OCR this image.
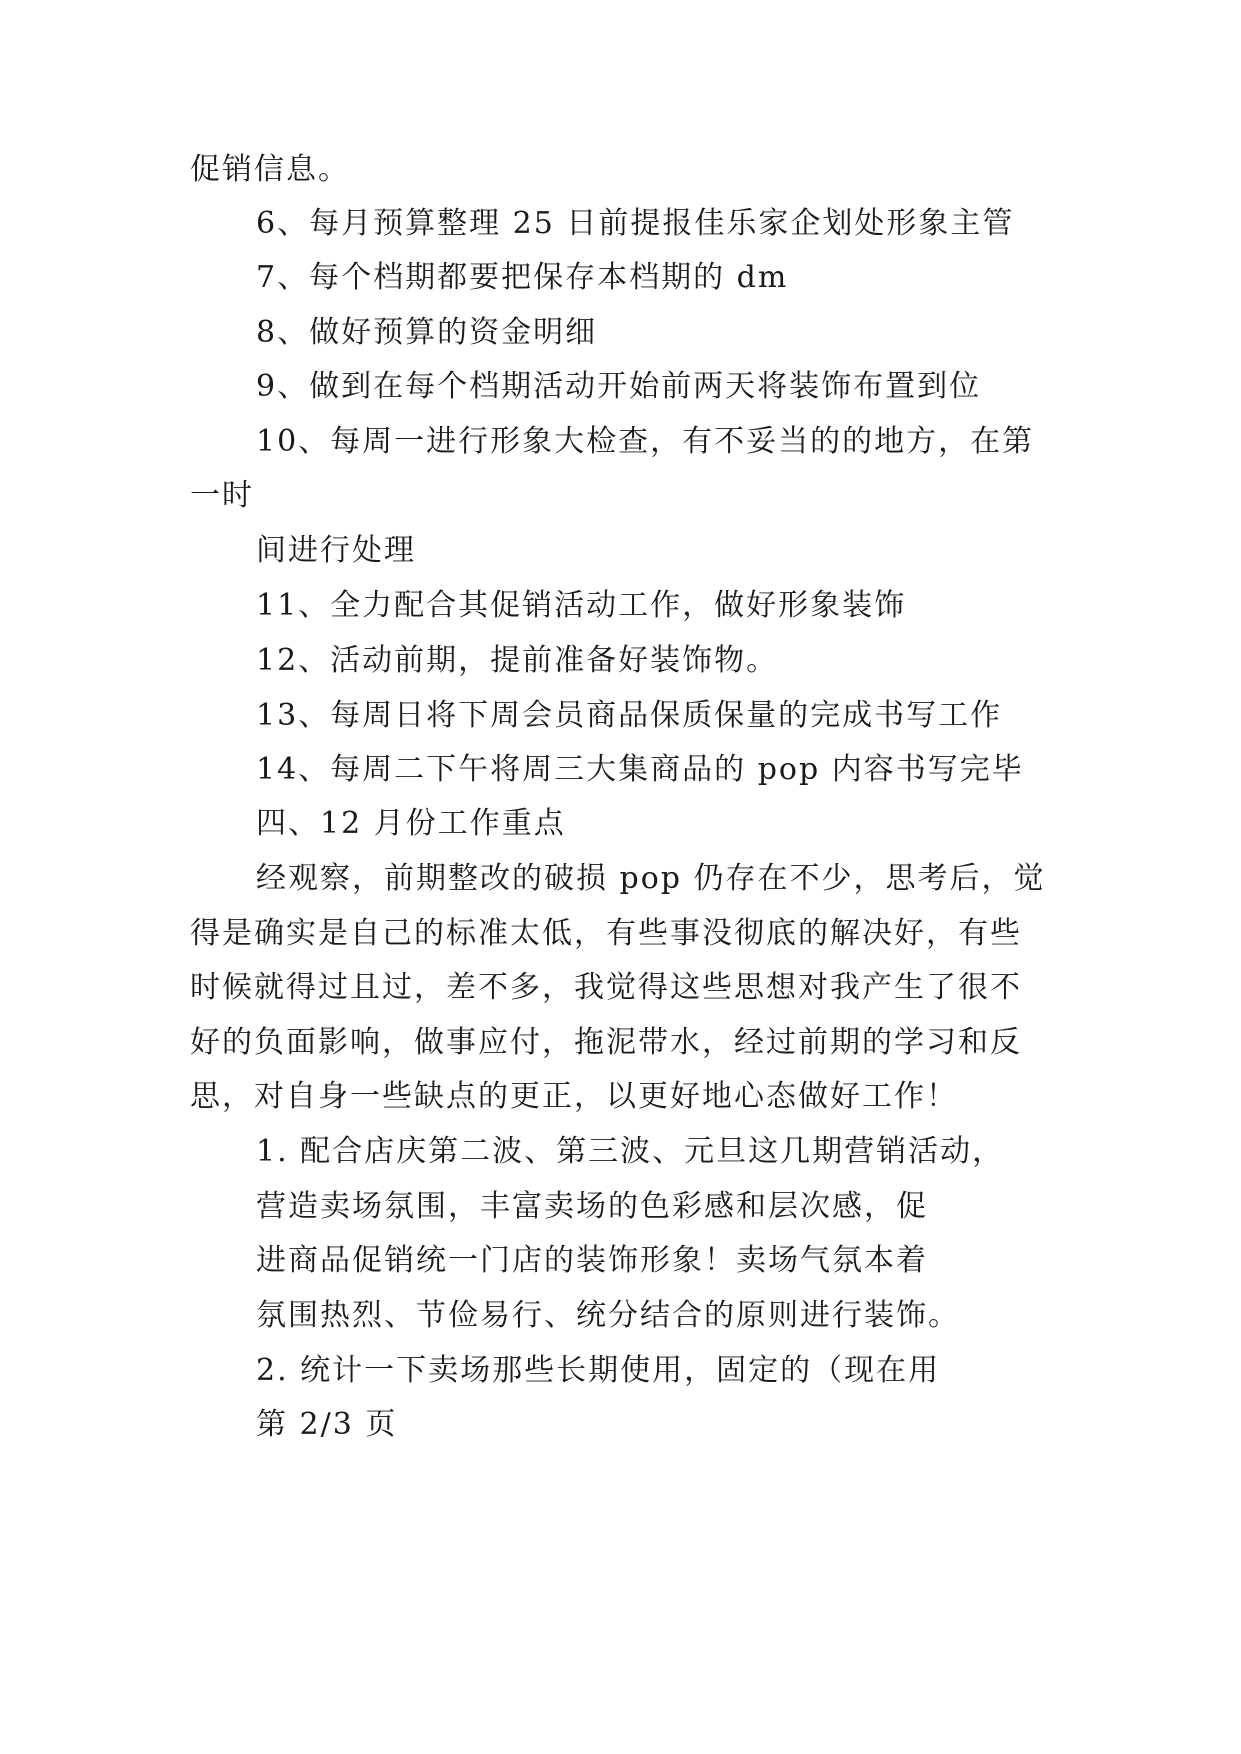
促销信息。
6、每月预算整理 25 日前提报佳乐家企划处形象主管
7、每个档期都要把保存本档期的 dm
8、做好预算的资金明细
9、做到在每个档期活动开始前两天将装饰布置到位
10、每周一进行形象大检查，有不妥当的的地方，在第
一时
间进行处理
11、全力配合其促销活动工作，做好形象装饰
12、活动前期，提前准备好装饰物。
13、每周日将下周会员商品保质保量的完成书写工作
14、每周二下午将周三大集商品的 pop 内容书写完毕
四、12 月份工作重点
经观察，前期整改的破损 pop 仍存在不少，思考后，觉
得是确实是自己的标准太低，有些事没彻底的解决好，有些
时候就得过且过，差不多，我觉得这些思想对我产生了很不
好的负面影响，做事应付，拖泥带水，经过前期的学习和反
思，对自身一些缺点的更正，以更好地心态做好工作！
1. 配合店庆第二波、第三波、元旦这几期营销活动，
营造卖场氛围，丰富卖场的色彩感和层次感，促
进商品促销统一门店的装饰形象！卖场气氛本着
氛围热烈、节俭易行、统分结合的原则进行装饰。
2. 统计一下卖场那些长期使用，固定的（现在用
第 2/3 页
